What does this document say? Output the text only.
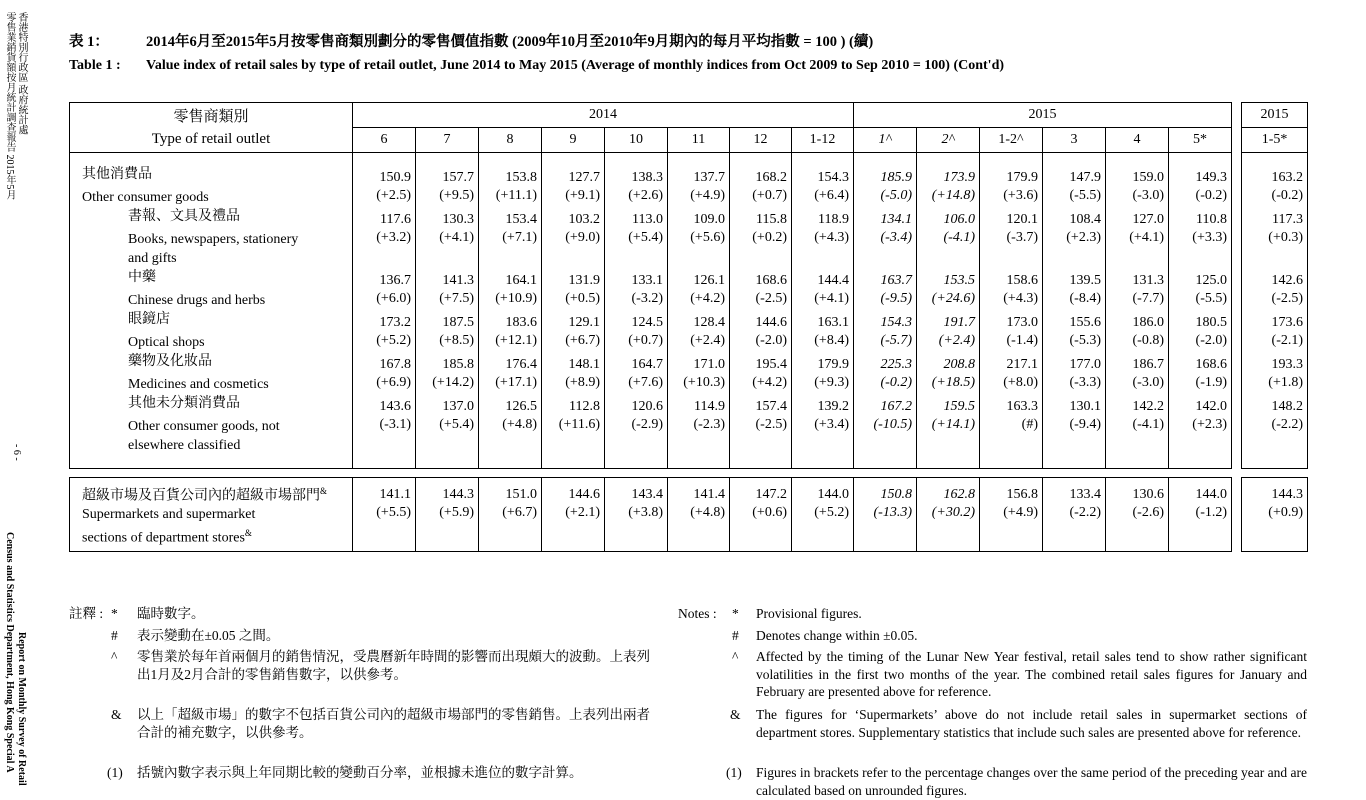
零售業銷貨額按月統計調查報告 2015年5月 香港特別行政區 政府統計處
- 6 -
Census and Statistics Department, Hong Kong Special A Report on Monthly Survey of Retail
表 1：	2014年6月至2015年5月按零售商類別劃分的零售價值指數 (2009年10月至2010年9月期內的每月平均指數 = 100 ) (續)
Table 1 : Value index of retail sales by type of retail outlet, June 2014 to May 2015 (Average of monthly indices from Oct 2009 to Sep 2010 = 100) (Cont'd)
零售商類別
Type of retail outlet	2014								2015							2015
	6	7	8	9	10	11	12	1-12	1^	2^	1-2^	3	4	5*		1-5*

其他消費品	150.9	157.7	153.8	127.7	138.3	137.7	168.2	154.3	185.9	173.9	179.9	147.9	159.0	149.3		163.2

Other consumer goods	(+2.5)	(+9.5)	(+11.1)	(+9.1)	(+2.6)	(+4.9)	(+0.7)	(+6.4)	(-5.0)	(+14.8)	(+3.6)	(-5.5)	(-3.0)	(-0.2)		(-0.2)
書報、文具及禮品	117.6	130.3	153.4	103.2	113.0	109.0	115.8	118.9	134.1	106.0	120.1	108.4	127.0	110.8		117.3

Books, newspapers, stationery
and gifts	(+3.2)	(+4.1)	(+7.1)	(+9.0)	(+5.4)	(+5.6)	(+0.2)	(+4.3)	(-3.4)	(-4.1)	(-3.7)	(+2.3)	(+4.1)	(+3.3)		(+0.3)
中藥	136.7	141.3	164.1	131.9	133.1	126.1	168.6	144.4	163.7	153.5	158.6	139.5	131.3	125.0		142.6

Chinese drugs and herbs	(+6.0)	(+7.5)	(+10.9)	(+0.5)	(-3.2)	(+4.2)	(-2.5)	(+4.1)	(-9.5)	(+24.6)	(+4.3)	(-8.4)	(-7.7)	(-5.5)		(-2.5)
眼鏡店	173.2	187.5	183.6	129.1	124.5	128.4	144.6	163.1	154.3	191.7	173.0	155.6	186.0	180.5		173.6

Optical shops	(+5.2)	(+8.5)	(+12.1)	(+6.7)	(+0.7)	(+2.4)	(-2.0)	(+8.4)	(-5.7)	(+2.4)	(-1.4)	(-5.3)	(-0.8)	(-2.0)		(-2.1)
藥物及化妝品	167.8	185.8	176.4	148.1	164.7	171.0	195.4	179.9	225.3	208.8	217.1	177.0	186.7	168.6		193.3

Medicines and cosmetics	(+6.9)	(+14.2)	(+17.1)	(+8.9)	(+7.6)	(+10.3)	(+4.2)	(+9.3)	(-0.2)	(+18.5)	(+8.0)	(-3.3)	(-3.0)	(-1.9)		(+1.8)
其他未分類消費品	143.6	137.0	126.5	112.8	120.6	114.9	157.4	139.2	167.2	159.5	163.3	130.1	142.2	142.0		148.2

Other consumer goods, not
elsewhere classified	(-3.1)	(+5.4)	(+4.8)	(+11.6)	(-2.9)	(-2.3)	(-2.5)	(+3.4)	(-10.5)	(+14.1)	(#)	(-9.4)	(-4.1)	(+2.3)		(-2.2)

超級市場及百貨公司內的超級市場部門&	141.1	144.3	151.0	144.6	143.4	141.4	147.2	144.0	150.8	162.8	156.8	133.4	130.6	144.0		144.3

Supermarkets and supermarket
sections of department stores&	(+5.5)	(+5.9)	(+6.7)	(+2.1)	(+3.8)	(+4.8)	(+0.6)	(+5.2)	(-13.3)	(+30.2)	(+4.9)	(-2.2)	(-2.6)	(-1.2)		(+0.9)

註釋 : * 臨時數字。
# 表示變動在±0.05 之間。
^ 零售業於每年首兩個月的銷售情況，受農曆新年時間的影響而出現頗大的波動。上表列出1月及2月合計的零售銷售數字，以供參考。
& 以上「超級市場」的數字不包括百貨公司內的超級市場部門的零售銷售。上表列出兩者合計的補充數字，以供參考。
(1) 括號內數字表示與上年同期比較的變動百分率，並根據未進位的數字計算。
Notes : * Provisional figures.
# Denotes change within ±0.05.
^ Affected by the timing of the Lunar New Year festival, retail sales tend to show rather significant volatilities in the first two months of the year. The combined retail sales figures for January and February are presented above for reference.
& The figures for ‘Supermarkets’ above do not include retail sales in supermarket sections of department stores. Supplementary statistics that include such sales are presented above for reference.
(1) Figures in brackets refer to the percentage changes over the same period of the preceding year and are calculated based on unrounded figures.
